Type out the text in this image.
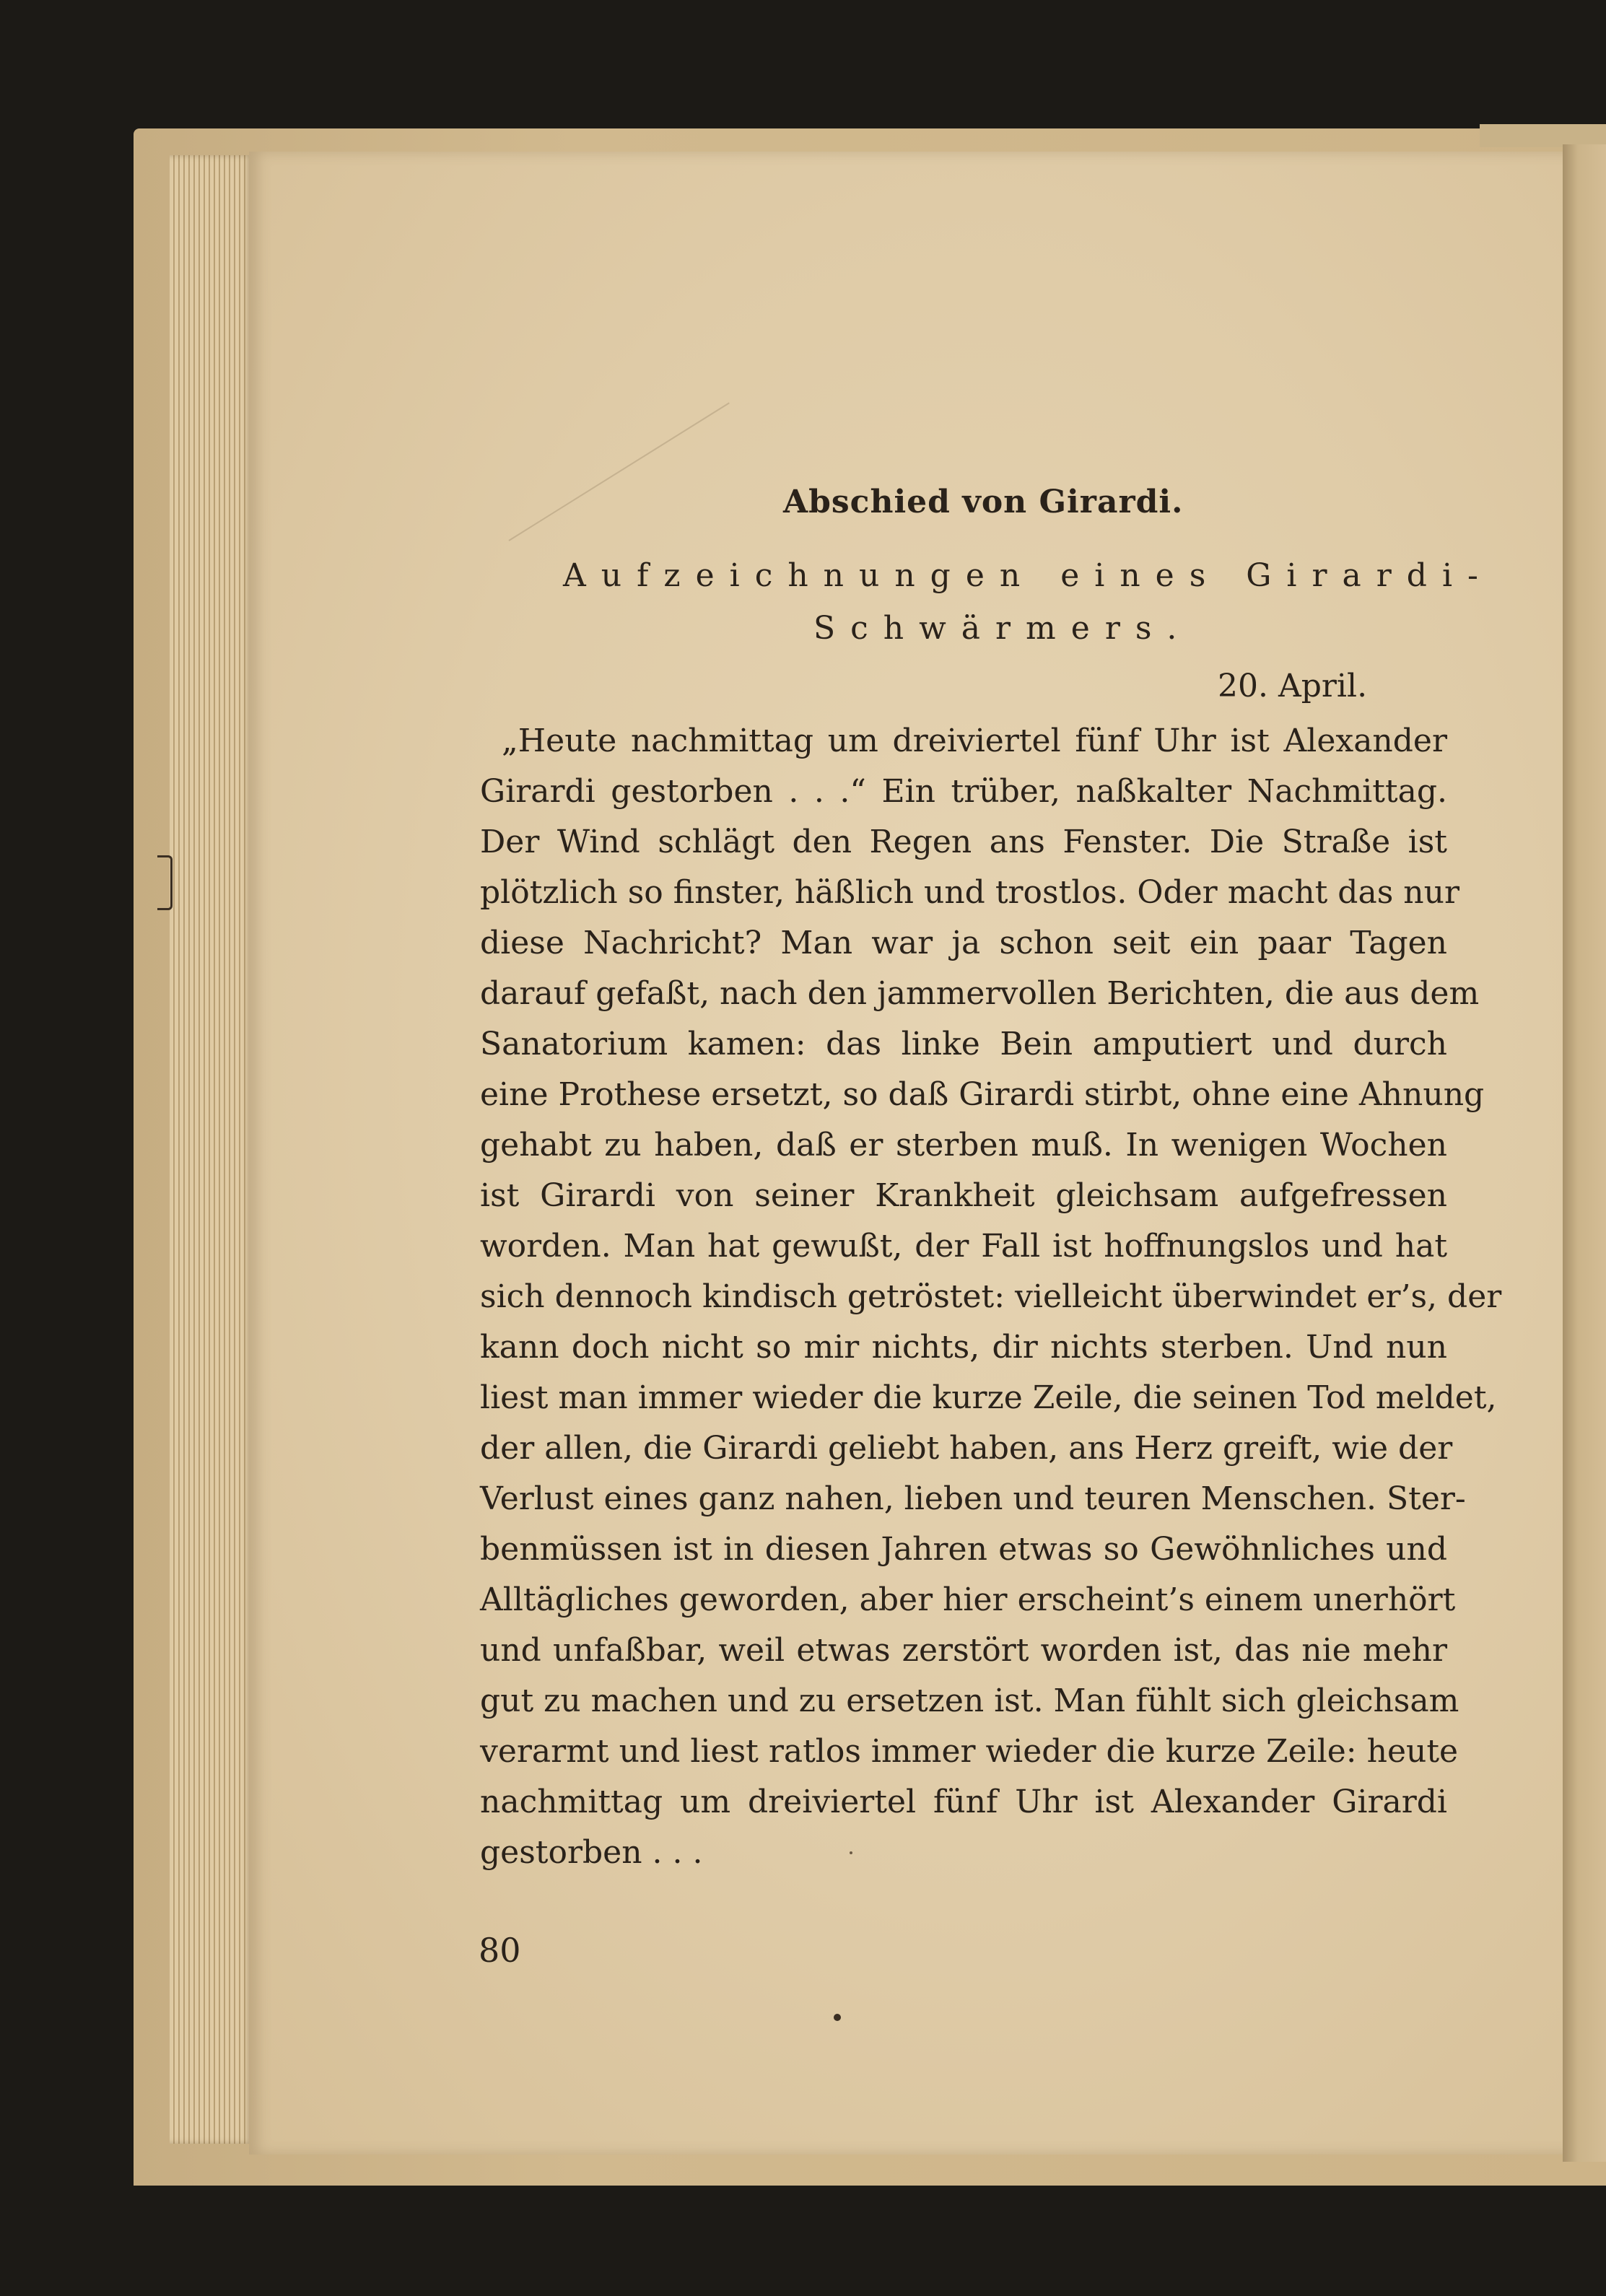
Abschied von Girardi.
Aufzeichnungen eines Girardi-
Schwärmers.
20. April.
„Heute nachmittag um dreiviertel fünf Uhr ist Alexander
Girardi gestorben . . .“ Ein trüber, naßkalter Nachmittag.
Der Wind schlägt den Regen ans Fenster. Die Straße ist
plötzlich so finster, häßlich und trostlos. Oder macht das nur
diese Nachricht? Man war ja schon seit ein paar Tagen
darauf gefaßt, nach den jammervollen Berichten, die aus dem
Sanatorium kamen: das linke Bein amputiert und durch
eine Prothese ersetzt, so daß Girardi stirbt, ohne eine Ahnung
gehabt zu haben, daß er sterben muß. In wenigen Wochen
ist Girardi von seiner Krankheit gleichsam aufgefressen
worden. Man hat gewußt, der Fall ist hoffnungslos und hat
sich dennoch kindisch getröstet: vielleicht überwindet er’s, der
kann doch nicht so mir nichts, dir nichts sterben. Und nun
liest man immer wieder die kurze Zeile, die seinen Tod meldet,
der allen, die Girardi geliebt haben, ans Herz greift, wie der
Verlust eines ganz nahen, lieben und teuren Menschen. Ster-
benmüssen ist in diesen Jahren etwas so Gewöhnliches und
Alltägliches geworden, aber hier erscheint’s einem unerhört
und unfaßbar, weil etwas zerstört worden ist, das nie mehr
gut zu machen und zu ersetzen ist. Man fühlt sich gleichsam
verarmt und liest ratlos immer wieder die kurze Zeile: heute
nachmittag um dreiviertel fünf Uhr ist Alexander Girardi
gestorben . . .
80
